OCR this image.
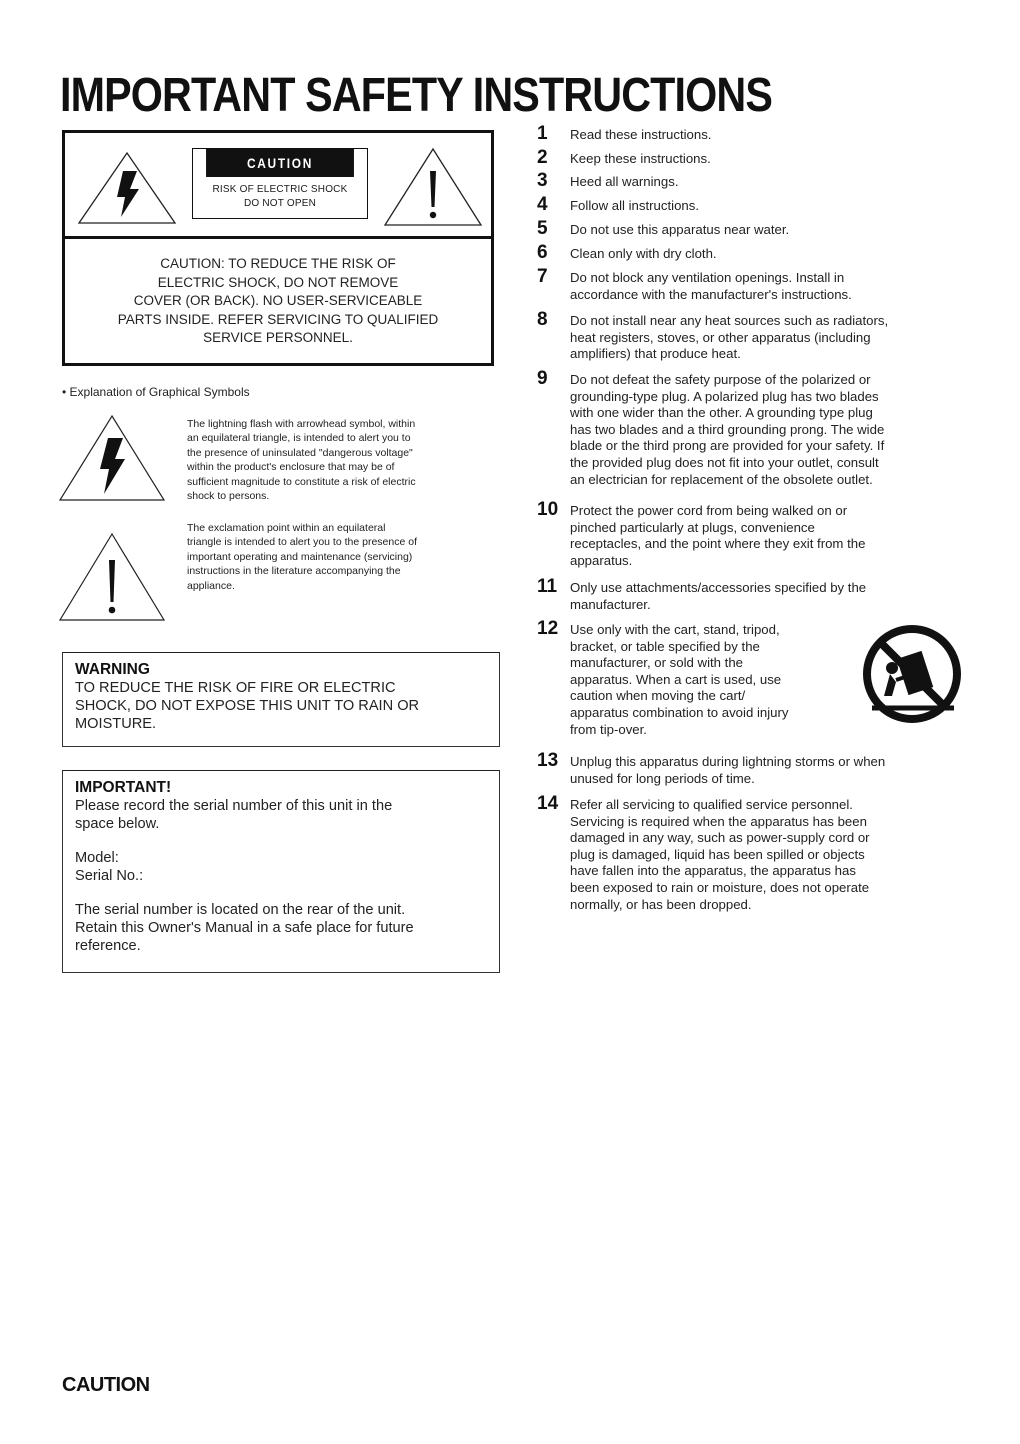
IMPORTANT SAFETY INSTRUCTIONS
CAUTION
RISK OF ELECTRIC SHOCK
DO NOT OPEN
CAUTION: TO REDUCE THE RISK OF
ELECTRIC SHOCK, DO NOT REMOVE
COVER (OR BACK). NO USER-SERVICEABLE
PARTS INSIDE. REFER SERVICING TO QUALIFIED
SERVICE PERSONNEL.
• Explanation of Graphical Symbols
The lightning flash with arrowhead symbol, within
an equilateral triangle, is intended to alert you to
the presence of uninsulated "dangerous voltage"
within the product's enclosure that may be of
sufficient magnitude to constitute a risk of electric
shock to persons.
The exclamation point within an equilateral
triangle is intended to alert you to the presence of
important operating and maintenance (servicing)
instructions in the literature accompanying the
appliance.
WARNING
TO REDUCE THE RISK OF FIRE OR ELECTRIC
SHOCK, DO NOT EXPOSE THIS UNIT TO RAIN OR
MOISTURE.
IMPORTANT!
Please record the serial number of this unit in the
space below.
Model:
Serial No.:
The serial number is located on the rear of the unit.
Retain this Owner's Manual in a safe place for future
reference.
1 Read these instructions.
2 Keep these instructions.
3 Heed all warnings.
4 Follow all instructions.
5 Do not use this apparatus near water.
6 Clean only with dry cloth.
7 Do not block any ventilation openings. Install in
accordance with the manufacturer's instructions.
8 Do not install near any heat sources such as radiators,
heat registers, stoves, or other apparatus (including
amplifiers) that produce heat.
9 Do not defeat the safety purpose of the polarized or
grounding-type plug. A polarized plug has two blades
with one wider than the other. A grounding type plug
has two blades and a third grounding prong. The wide
blade or the third prong are provided for your safety. If
the provided plug does not fit into your outlet, consult
an electrician for replacement of the obsolete outlet.
10 Protect the power cord from being walked on or
pinched particularly at plugs, convenience
receptacles, and the point where they exit from the
apparatus.
11 Only use attachments/accessories specified by the
manufacturer.
12 Use only with the cart, stand, tripod,
bracket, or table specified by the
manufacturer, or sold with the
apparatus. When a cart is used, use
caution when moving the cart/
apparatus combination to avoid injury
from tip-over.
13 Unplug this apparatus during lightning storms or when
unused for long periods of time.
14 Refer all servicing to qualified service personnel.
Servicing is required when the apparatus has been
damaged in any way, such as power-supply cord or
plug is damaged, liquid has been spilled or objects
have fallen into the apparatus, the apparatus has
been exposed to rain or moisture, does not operate
normally, or has been dropped.
CAUTION
